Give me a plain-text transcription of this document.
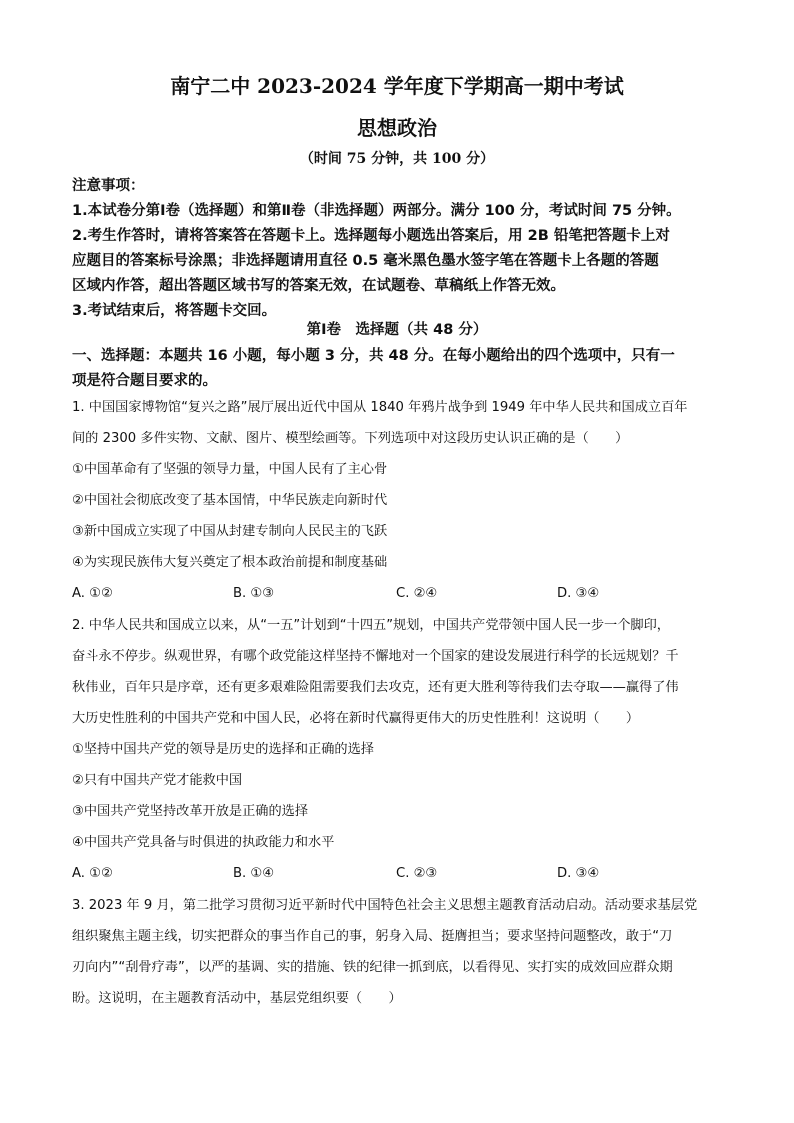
南宁二中 2023-2024 学年度下学期高一期中考试
思想政治
（时间 75 分钟，共 100 分）
注意事项：
1.本试卷分第Ⅰ卷（选择题）和第Ⅱ卷（非选择题）两部分。满分 100 分，考试时间 75 分钟。
2.考生作答时，请将答案答在答题卡上。选择题每小题选出答案后，用 2B 铅笔把答题卡上对
应题目的答案标号涂黑；非选择题请用直径 0.5 毫米黑色墨水签字笔在答题卡上各题的答题
区域内作答，超出答题区域书写的答案无效，在试题卷、草稿纸上作答无效。
3.考试结束后，将答题卡交回。
第Ⅰ卷　选择题（共 48 分）
一、选择题：本题共 16 小题，每小题 3 分，共 48 分。在每小题给出的四个选项中，只有一
项是符合题目要求的。
1. 中国国家博物馆“复兴之路”展厅展出近代中国从 1840 年鸦片战争到 1949 年中华人民共和国成立百年
间的 2300 多件实物、文献、图片、模型绘画等。下列选项中对这段历史认识正确的是（　　）
①中国革命有了坚强的领导力量，中国人民有了主心骨
②中国社会彻底改变了基本国情，中华民族走向新时代
③新中国成立实现了中国从封建专制向人民民主的飞跃
④为实现民族伟大复兴奠定了根本政治前提和制度基础
A. ①②	B. ①③	C. ②④	D. ③④
2. 中华人民共和国成立以来，从“一五”计划到“十四五”规划，中国共产党带领中国人民一步一个脚印，
奋斗永不停步。纵观世界，有哪个政党能这样坚持不懈地对一个国家的建设发展进行科学的长远规划？千
秋伟业，百年只是序章，还有更多艰难险阻需要我们去攻克，还有更大胜利等待我们去夺取——赢得了伟
大历史性胜利的中国共产党和中国人民，必将在新时代赢得更伟大的历史性胜利！这说明（　　）
①坚持中国共产党的领导是历史的选择和正确的选择
②只有中国共产党才能救中国
③中国共产党坚持改革开放是正确的选择
④中国共产党具备与时俱进的执政能力和水平
A. ①②	B. ①④	C. ②③	D. ③④
3. 2023 年 9 月，第二批学习贯彻习近平新时代中国特色社会主义思想主题教育活动启动。活动要求基层党
组织聚焦主题主线，切实把群众的事当作自己的事，躬身入局、挺膺担当；要求坚持问题整改，敢于“刀
刃向内”“刮骨疗毒”，以严的基调、实的措施、铁的纪律一抓到底，以看得见、实打实的成效回应群众期
盼。这说明，在主题教育活动中，基层党组织要（　　）
